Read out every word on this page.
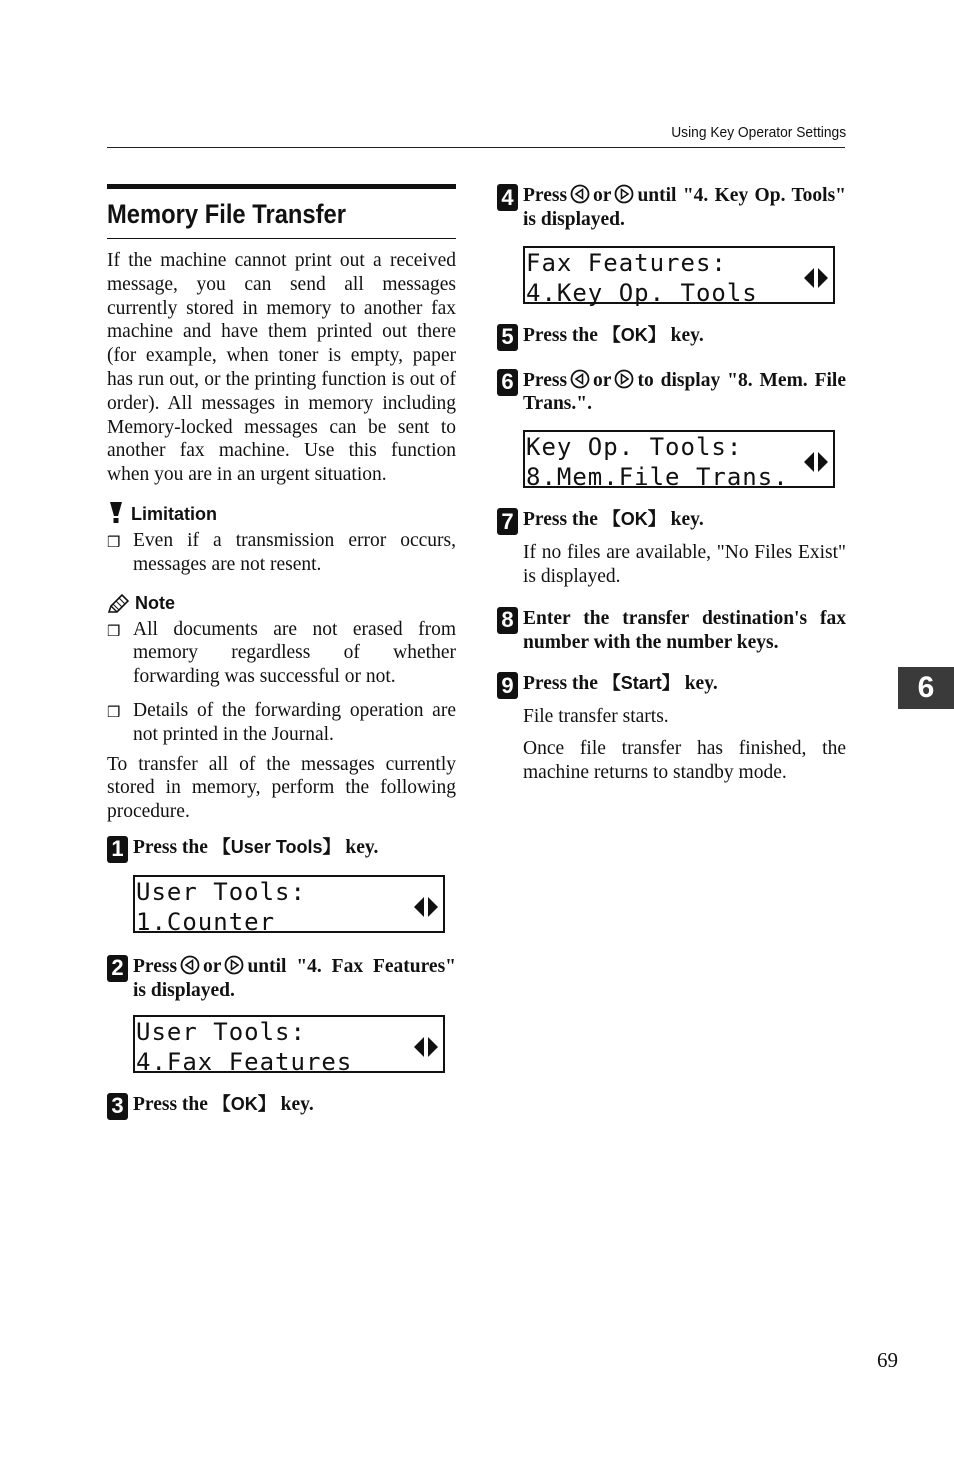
Using Key Operator Settings
Memory File Transfer

If the machine cannot print out a received message, you can send all messages currently stored in memory to another fax machine and have them printed out there (for example, when toner is empty, paper has run out, or the printing function is out of order). All messages in memory including Memory-locked messages can be sent to another fax machine. Use this function when you are in an urgent situation.

Limitation
❒ Even if a transmission error occurs, messages are not resent.
Note
❒ All documents are not erased from memory regardless of whether forwarding was successful or not.
❒ Details of the forwarding operation are not printed in the Journal.

To transfer all of the messages currently stored in memory, perform the following procedure.

1 Press the 【User Tools】 key.
User Tools:
1.Counter
2 Press or until "4. Fax Features" is displayed.
User Tools:
4.Fax Features
3 Press the 【OK】 key.
4 Press or until "4. Key Op. Tools" is displayed.
Fax Features:
4.Key Op. Tools
5 Press the 【OK】 key.
6 Press or to display "8. Mem. File Trans.".
Key Op. Tools:
8.Mem.File Trans.
7 Press the 【OK】 key.
If no files are available, "No Files Exist" is displayed.
8 Enter the transfer destination's fax number with the number keys.
9 Press the 【Start】 key.
File transfer starts.
Once file transfer has finished, the machine returns to standby mode.
6
69
